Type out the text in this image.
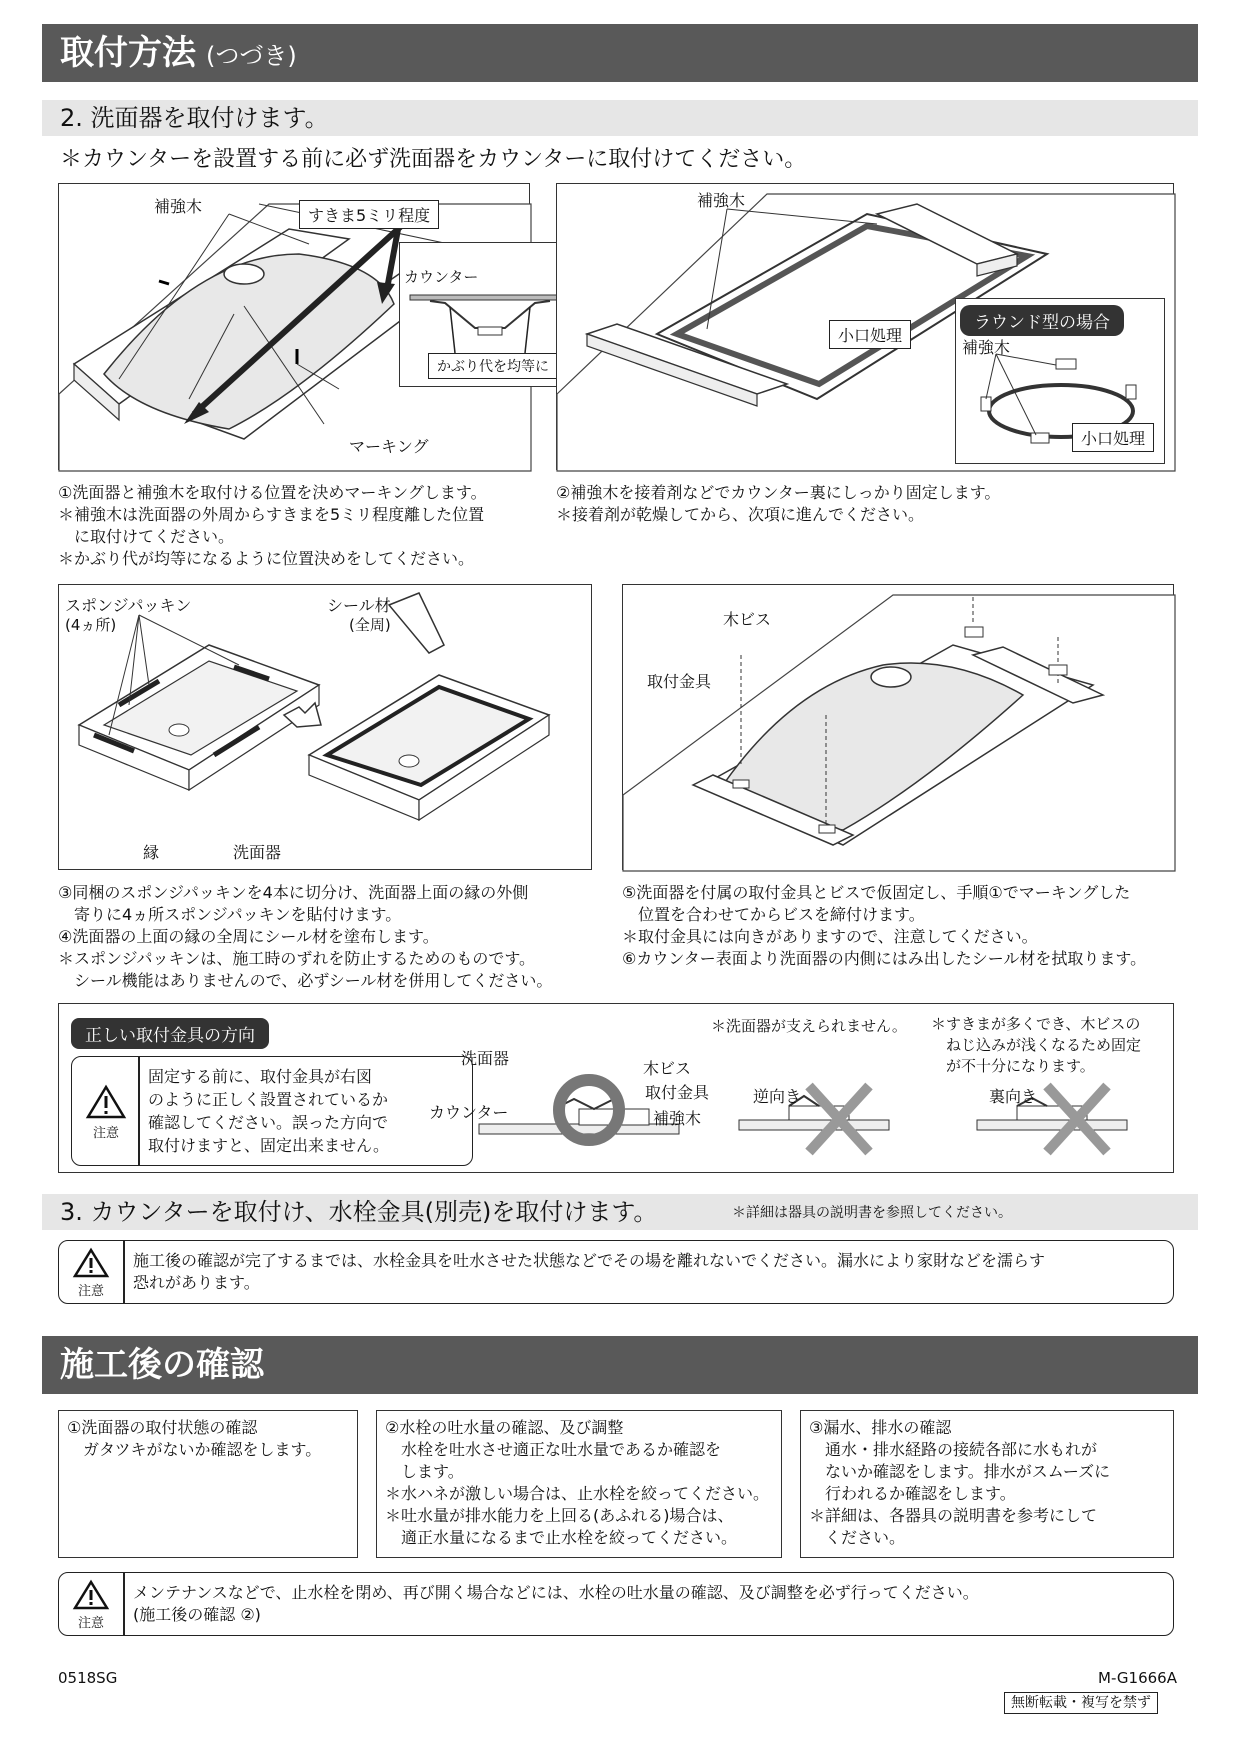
取付方法 (つづき)
2. 洗面器を取付けます。
＊カウンターを設置する前に必ず洗面器をカウンターに取付けてください。
補強木	すきま5ミリ程度
マーキング
カウンター
かぶり代を均等に
補強木
小口処理
ラウンド型の場合
補強木
小口処理
①洗面器と補強木を取付ける位置を決めマーキングします。
＊補強木は洗面器の外周からすきまを5ミリ程度離した位置
　に取付けてください。
＊かぶり代が均等になるように位置決めをしてください。
②補強木を接着剤などでカウンター裏にしっかり固定します。
＊接着剤が乾燥してから、次項に進んでください。
スポンジパッキン
(4ヵ所)
シール材
(全周)
縁	洗面器
木ビス
取付金具
③同梱のスポンジパッキンを4本に切分け、洗面器上面の縁の外側
　寄りに4ヵ所スポンジパッキンを貼付けます。
④洗面器の上面の縁の全周にシール材を塗布します。
＊スポンジパッキンは、施工時のずれを防止するためのものです。
　シール機能はありませんので、必ずシール材を併用してください。
⑤洗面器を付属の取付金具とビスで仮固定し、手順①でマーキングした
　位置を合わせてからビスを締付けます。
＊取付金具には向きがありますので、注意してください。
⑥カウンター表面より洗面器の内側にはみ出したシール材を拭取ります。
正しい取付金具の方向
注意
固定する前に、取付金具が右図
のように正しく設置されているか
確認してください。誤った方向で
取付けますと、固定出来ません。
洗面器
木ビス
取付金具
カウンター	補強木
＊洗面器が支えられません。
逆向き
＊すきまが多くでき、木ビスの
　ねじ込みが浅くなるため固定
　が不十分になります。
裏向き
3. カウンターを取付け、水栓金具(別売)を取付けます。	＊詳細は器具の説明書を参照してください。
注意
施工後の確認が完了するまでは、水栓金具を吐水させた状態などでその場を離れないでください。漏水により家財などを濡らす
恐れがあります。
施工後の確認
①洗面器の取付状態の確認
　ガタツキがないか確認をします。
②水栓の吐水量の確認、及び調整
　水栓を吐水させ適正な吐水量であるか確認を
　します。
＊水ハネが激しい場合は、止水栓を絞ってください。
＊吐水量が排水能力を上回る(あふれる)場合は、
　適正水量になるまで止水栓を絞ってください。
③漏水、排水の確認
　通水・排水経路の接続各部に水もれが
　ないか確認をします。排水がスムーズに
　行われるか確認をします。
＊詳細は、各器具の説明書を参考にして
　ください。
注意
メンテナンスなどで、止水栓を閉め、再び開く場合などには、水栓の吐水量の確認、及び調整を必ず行ってください。
(施工後の確認 ②)
0518SG	M-G1666A
無断転載・複写を禁ず
